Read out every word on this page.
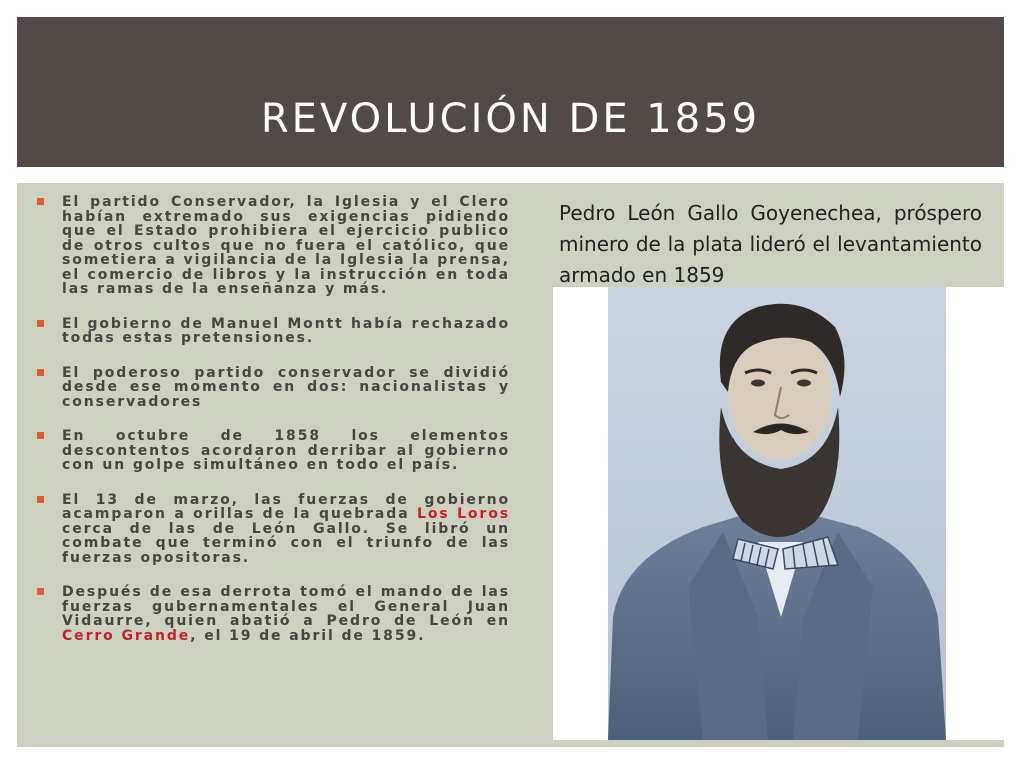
REVOLUCIÓN DE 1859
El partido Conservador, la Iglesia y el Clero habían extremado sus exigencias pidiendo que el Estado prohibiera el ejercicio publico de otros cultos que no fuera el católico, que sometiera a vigilancia de la Iglesia la prensa, el comercio de libros y la instrucción en toda las ramas de la enseñanza y más.
El gobierno de Manuel Montt había rechazado todas estas pretensiones.
El poderoso partido conservador se dividió desde ese momento en dos: nacionalistas y conservadores
En octubre de 1858 los elementos descontentos acordaron derribar al gobierno con un golpe simultáneo en todo el país.
El 13 de marzo, las fuerzas de gobierno acamparon a orillas de la quebrada Los Loros cerca de las de León Gallo. Se libró un combate que terminó con el triunfo de las fuerzas opositoras.
Después de esa derrota tomó el mando de las fuerzas gubernamentales el General Juan Vidaurre, quien abatió a Pedro de León en Cerro Grande, el 19 de abril de 1859.
Pedro León Gallo Goyenechea, próspero minero de la plata lideró el levantamiento armado en 1859
